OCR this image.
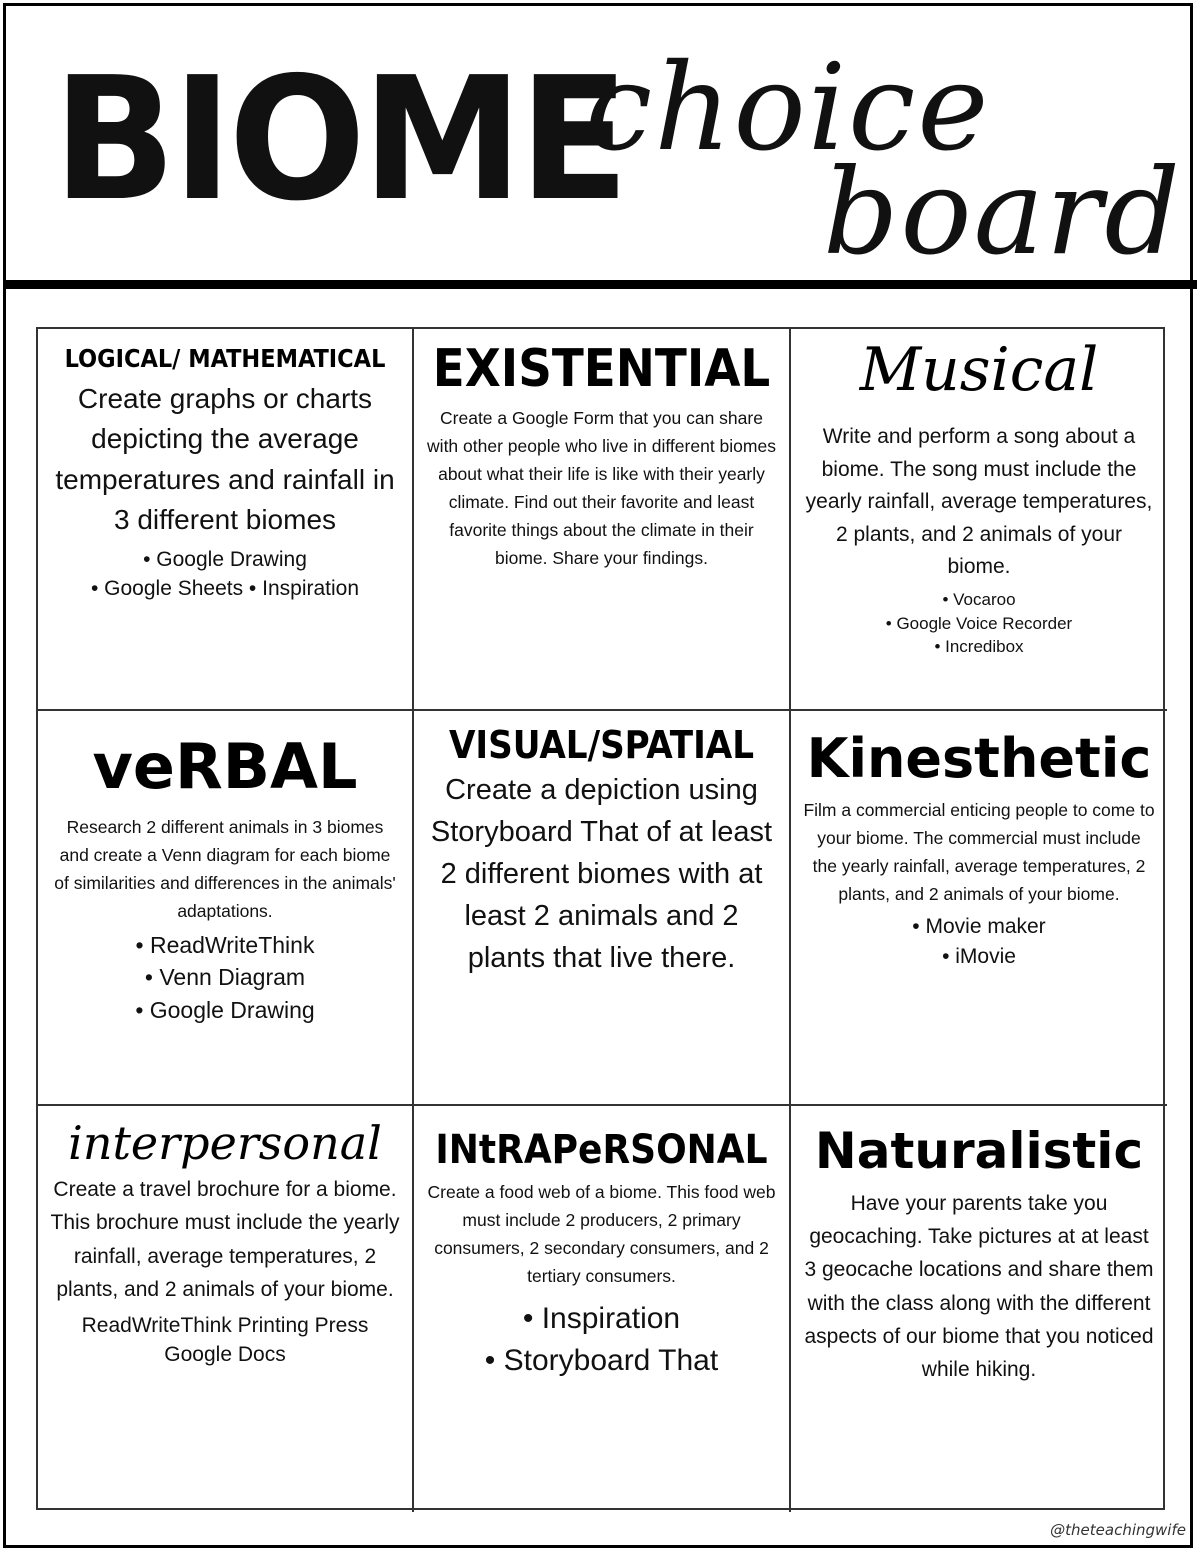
BIOME
choice
board
LOGICAL/ MATHEMATICAL
Create graphs or charts depicting the average temperatures and rainfall in 3 different biomes
• Google Drawing
• Google Sheets • Inspiration
EXISTENTIAL
Create a Google Form that you can share with other people who live in different biomes about what their life is like with their yearly climate. Find out their favorite and least favorite things about the climate in their biome. Share your findings.
Musical
Write and perform a song about a biome. The song must include the yearly rainfall, average temperatures, 2 plants, and 2 animals of your biome.
• Vocaroo
• Google Voice Recorder
• Incredibox
veRBAL
Research 2 different animals in 3 biomes and create a Venn diagram for each biome of similarities and differences in the animals' adaptations.
• ReadWriteThink
• Venn Diagram
• Google Drawing
VISUAL/SPATIAL
Create a depiction using Storyboard That of at least 2 different biomes with at least 2 animals and 2 plants that live there.
Kinesthetic
Film a commercial enticing people to come to your biome. The commercial must include the yearly rainfall, average temperatures, 2 plants, and 2 animals of your biome.
• Movie maker
• iMovie
interpersonal
Create a travel brochure for a biome. This brochure must include the yearly rainfall, average temperatures, 2 plants, and 2 animals of your biome.
ReadWriteThink Printing Press
Google Docs
INtRAPeRSONAL
Create a food web of a biome. This food web must include 2 producers, 2 primary consumers, 2 secondary consumers, and 2 tertiary consumers.
• Inspiration
• Storyboard That
Naturalistic
Have your parents take you geocaching. Take pictures at at least 3 geocache locations and share them with the class along with the different aspects of our biome that you noticed while hiking.
@theteachingwife
